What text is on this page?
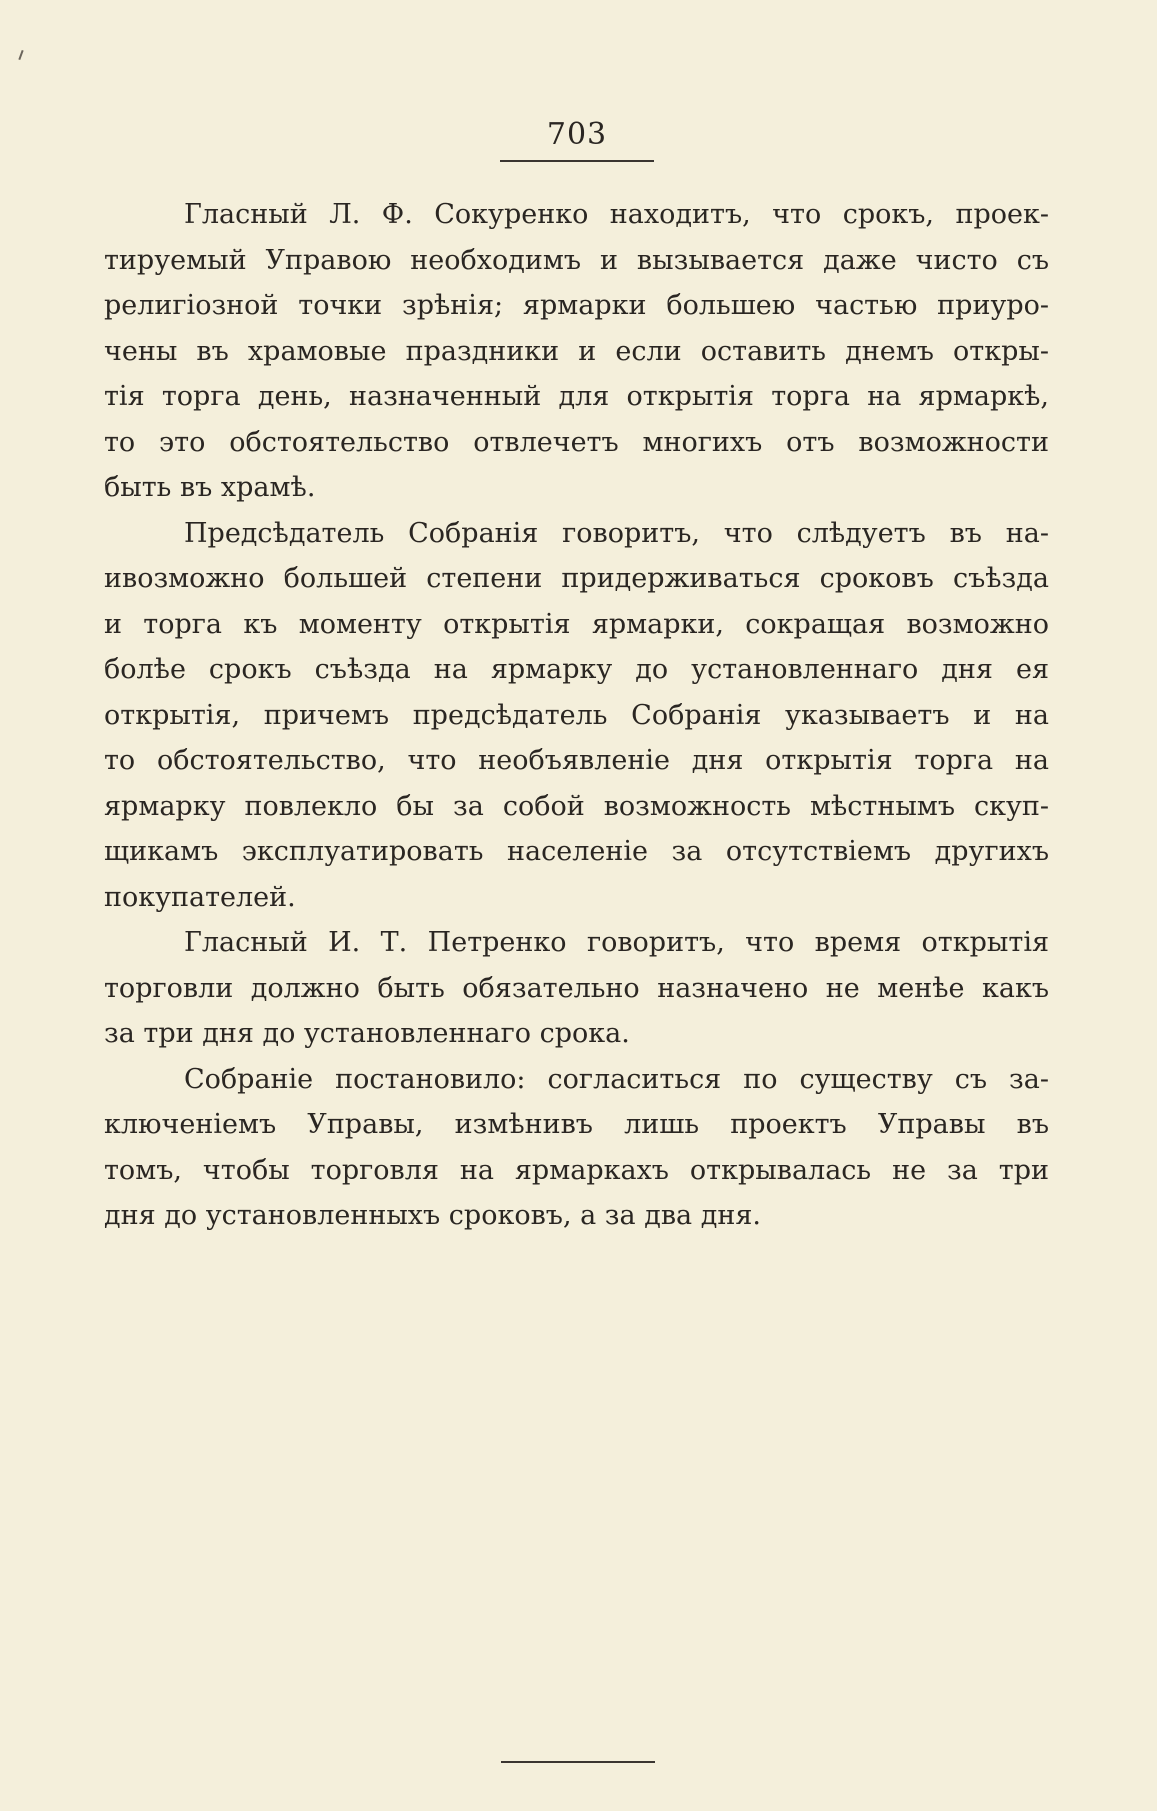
703

Гласный Л. Ф. Сокуренко находитъ, что срокъ, проек-
тируемый Управою необходимъ и вызывается даже чисто съ
религiозной точки зрѣнiя; ярмарки большею частью приуро-
чены въ храмовые праздники и если оставить днемъ откры-
тiя торга день, назначенный для открытiя торга на ярмаркѣ,
то это обстоятельство отвлечетъ многихъ отъ возможности
быть въ храмѣ.

Предсѣдатель Собранiя говоритъ, что слѣдуетъ въ на-
ивозможно большей степени придерживаться сроковъ съѣзда
и торга къ моменту открытiя ярмарки, сокращая возможно
болѣе срокъ съѣзда на ярмарку до установленнаго дня ея
открытiя, причемъ предсѣдатель Собранiя указываетъ и на
то обстоятельство, что необъявленiе дня открытiя торга на
ярмарку повлекло бы за собой возможность мѣстнымъ скуп-
щикамъ эксплуатировать населенiе за отсутствiемъ другихъ
покупателей.

Гласный И. Т. Петренко говоритъ, что время открытiя
торговли должно быть обязательно назначено не менѣе какъ
за три дня до установленнаго срока.

Собранiе постановило: согласиться по существу съ за-
ключенiемъ Управы, измѣнивъ лишь проектъ Управы въ
томъ, чтобы торговля на ярмаркахъ открывалась не за три
дня до установленныхъ сроковъ, а за два дня.
